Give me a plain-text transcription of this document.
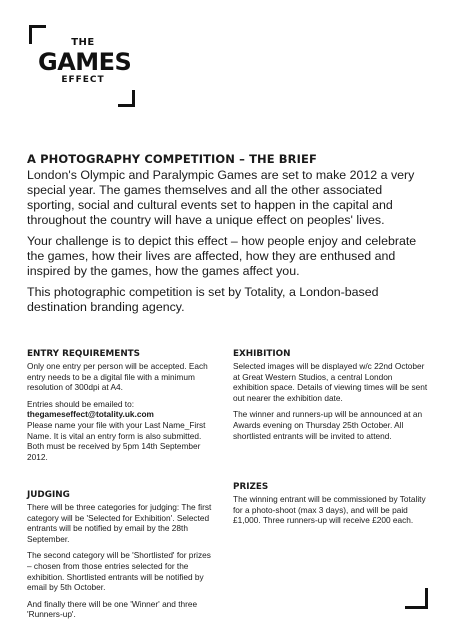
THE
GAMES
EFFECT
A PHOTOGRAPHY COMPETITION – THE BRIEF

London's Olympic and Paralympic Games are set to make 2012 a very special year. The games themselves and all the other associated sporting, social and cultural events set to happen in the capital and throughout the country will have a unique effect on peoples' lives.

Your challenge is to depict this effect – how people enjoy and celebrate the games, how their lives are affected, how they are enthused and inspired by the games, how the games affect you.

This photographic competition is set by Totality, a London-based destination branding agency.

ENTRY REQUIREMENTS

Only one entry per person will be accepted. Each entry needs to be a digital file with a minimum resolution of 300dpi at A4.

Entries should be emailed to:
thegameseffect@totality.uk.com
Please name your file with your Last Name_First Name. It is vital an entry form is also submitted. Both must be received by 5pm 14th September 2012.

JUDGING

There will be three categories for judging: The first category will be 'Selected for Exhibition'. Selected entrants will be notified by email by the 28th September.

The second category will be 'Shortlisted' for prizes – chosen from those entries selected for the exhibition. Shortlisted entrants will be notified by email by 5th October.

And finally there will be one 'Winner' and three 'Runners-up'.

EXHIBITION

Selected images will be displayed w/c 22nd October at Great Western Studios, a central London exhibition space. Details of viewing times will be sent out nearer the exhibition date.

The winner and runners-up will be announced at an Awards evening on Thursday 25th October. All shortlisted entrants will be invited to attend.

PRIZES

The winning entrant will be commissioned by Totality for a photo-shoot (max 3 days), and will be paid £1,000. Three runners-up will receive £200 each.
